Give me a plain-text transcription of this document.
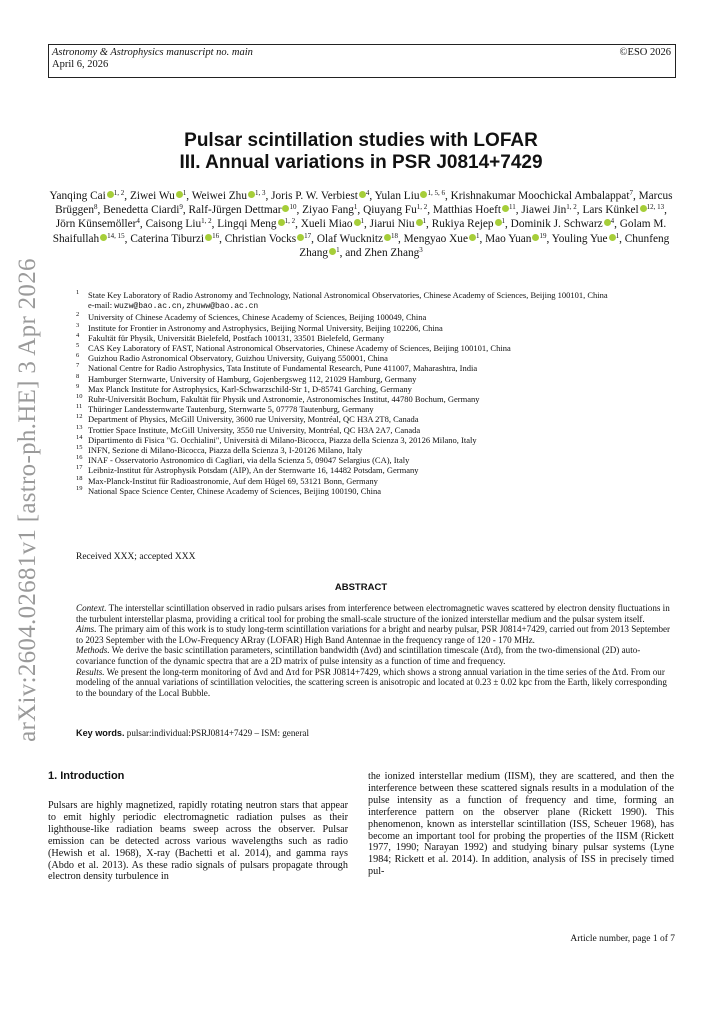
Astronomy & Astrophysics manuscript no. main
April 6, 2026
©ESO 2026
arXiv:2604.02681v1 [astro-ph.HE] 3 Apr 2026
Pulsar scintillation studies with LOFAR
III. Annual variations in PSR J0814+7429
Yanqing Cai $^{1, 2}$, Ziwei Wu $^1$, Weiwei Zhu $^{1, 3}$, Joris P. W. Verbiest $^4$, Yulan Liu $^{1, 5, 6}$, Krishnakumar Moochickal Ambalappat$^7$, Marcus Brüggen$^8$, Benedetta Ciardi$^9$, Ralf-Jürgen Dettmar $^{10}$, Ziyao Fang$^1$, Qiuyang Fu$^{1, 2}$, Matthias Hoeft $^{11}$, Jiawei Jin$^{1, 2}$, Lars Künkel $^{12, 13}$, Jörn Künsemöller$^4$, Caisong Liu$^{1, 2}$, Lingqi Meng $^{1, 2}$, Xueli Miao $^1$, Jiarui Niu $^1$, Rukiya Rejep $^1$, Dominik J. Schwarz $^4$, Golam M. Shaifullah $^{14, 15}$, Caterina Tiburzi $^{16}$, Christian Vocks $^{17}$, Olaf Wucknitz $^{18}$, Mengyao Xue $^1$, Mao Yuan $^{19}$, Youling Yue $^1$, Chunfeng Zhang $^1$, and Zhen Zhang$^3$
1 State Key Laboratory of Radio Astronomy and Technology, National Astronomical Observatories, Chinese Academy of Sciences, Beijing 100101, China
e-mail: wuzw@bao.ac.cn,zhuww@bao.ac.cn
2 University of Chinese Academy of Sciences, Chinese Academy of Sciences, Beijing 100049, China
3 Institute for Frontier in Astronomy and Astrophysics, Beijing Normal University, Beijing 102206, China
4 Fakultät für Physik, Universität Bielefeld, Postfach 100131, 33501 Bielefeld, Germany
5 CAS Key Laboratory of FAST, National Astronomical Observatories, Chinese Academy of Sciences, Beijing 100101, China
6 Guizhou Radio Astronomical Observatory, Guizhou University, Guiyang 550001, China
7 National Centre for Radio Astrophysics, Tata Institute of Fundamental Research, Pune 411007, Maharashtra, India
8 Hamburger Sternwarte, University of Hamburg, Gojenbergsweg 112, 21029 Hamburg, Germany
9 Max Planck Institute for Astrophysics, Karl-Schwarzschild-Str 1, D-85741 Garching, Germany
10 Ruhr-Universität Bochum, Fakultät für Physik und Astronomie, Astronomisches Institut, 44780 Bochum, Germany
11 Thüringer Landessternwarte Tautenburg, Sternwarte 5, 07778 Tautenburg, Germany
12 Department of Physics, McGill University, 3600 rue University, Montréal, QC H3A 2T8, Canada
13 Trottier Space Institute, McGill University, 3550 rue University, Montréal, QC H3A 2A7, Canada
14 Dipartimento di Fisica "G. Occhialini", Università di Milano-Bicocca, Piazza della Scienza 3, 20126 Milano, Italy
15 INFN, Sezione di Milano-Bicocca, Piazza della Scienza 3, I-20126 Milano, Italy
16 INAF - Osservatorio Astronomico di Cagliari, via della Scienza 5, 09047 Selargius (CA), Italy
17 Leibniz-Institut für Astrophysik Potsdam (AIP), An der Sternwarte 16, 14482 Potsdam, Germany
18 Max-Planck-Institut für Radioastronomie, Auf dem Hügel 69, 53121 Bonn, Germany
19 National Space Science Center, Chinese Academy of Sciences, Beijing 100190, China
Received XXX; accepted XXX
ABSTRACT

Context. The interstellar scintillation observed in radio pulsars arises from interference between electromagnetic waves scattered by electron density fluctuations in the turbulent interstellar plasma, providing a critical tool for probing the small-scale structure of the ionized interstellar medium and the pulsar system itself.

Aims. The primary aim of this work is to study long-term scintillation variations for a bright and nearby pulsar, PSR J0814+7429, carried out from 2013 September to 2023 September with the LOw-Frequency ARray (LOFAR) High Band Antennae in the frequency range of 120 - 170 MHz.

Methods. We derive the basic scintillation parameters, scintillation bandwidth (Δνd) and scintillation timescale (Δτd), from the two-dimensional (2D) auto-covariance function of the dynamic spectra that are a 2D matrix of pulse intensity as a function of time and frequency.

Results. We present the long-term monitoring of Δνd and Δτd for PSR J0814+7429, which shows a strong annual variation in the time series of the Δτd. From our modeling of the annual variations of scintillation velocities, the scattering screen is anisotropic and located at 0.23 ± 0.02 kpc from the Earth, likely corresponding to the boundary of the Local Bubble.

Key words. pulsar:individual:PSRJ0814+7429 – ISM: general
1. Introduction
Pulsars are highly magnetized, rapidly rotating neutron stars that appear to emit highly periodic electromagnetic radiation pulses as their lighthouse-like radiation beams sweep across the observer. Pulsar emission can be detected across various wavelengths such as radio (Hewish et al. 1968), X-ray (Bachetti et al. 2014), and gamma rays (Abdo et al. 2013). As these radio signals of pulsars propagate through electron density turbulence in
the ionized interstellar medium (IISM), they are scattered, and then the interference between these scattered signals results in a modulation of the pulse intensity as a function of frequency and time, forming an interference pattern on the observer plane (Rickett 1990). This phenomenon, known as interstellar scintillation (ISS, Scheuer 1968), has become an important tool for probing the properties of the IISM (Rickett 1977, 1990; Narayan 1992) and studying binary pulsar systems (Lyne 1984; Rickett et al. 2014). In addition, analysis of ISS in precisely timed pul-
Article number, page 1 of 7
